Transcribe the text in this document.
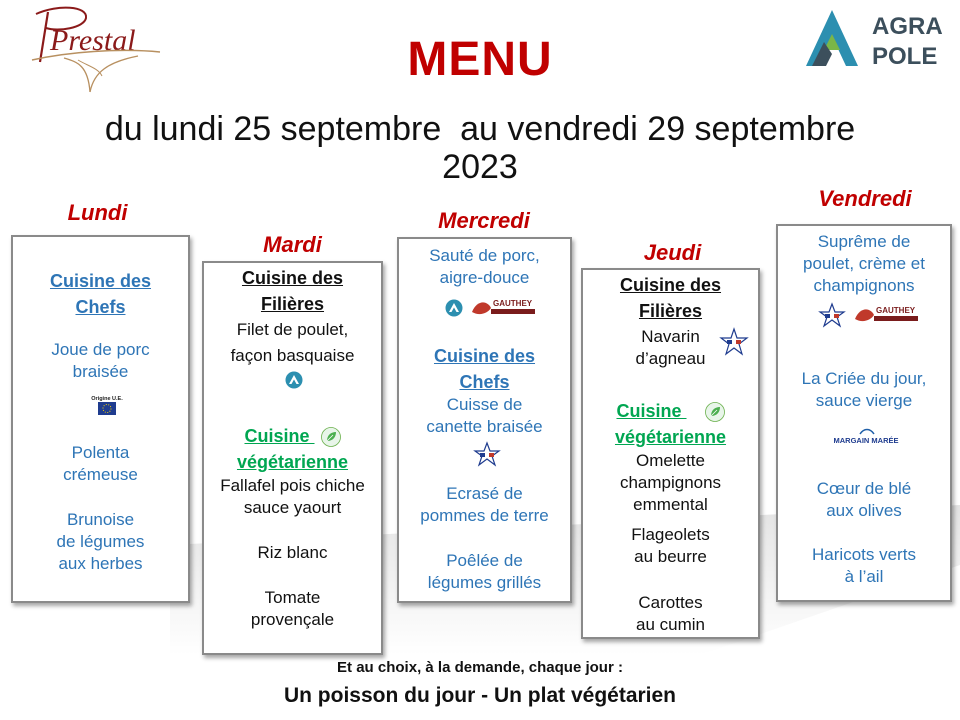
Prestal	AGRA
POLE
MENU
du lundi 25 septembre  au vendredi 29 septembre
2023
Lundi
Cuisine des
Chefs
Joue de porc
braisée
Origine U.E.
Polenta
crémeuse
Brunoise
de légumes
aux herbes
Mardi
Cuisine des
Filières
Filet de poulet,
façon basquaise
Cuisine
végétarienne
Fallafel pois chiche
sauce yaourt
Riz blanc
Tomate
provençale
Mercredi
Sauté de porc,
aigre-douce
GAUTHEY
Cuisine des
Chefs
Cuisse de
canette braisée
Ecrasé de
pommes de terre
Poêlée de
légumes grillés
Jeudi
Cuisine des
Filières
Navarin
d’agneau
Cuisine
végétarienne
Omelette
champignons
emmental
Flageolets
au beurre
Carottes
au cumin
Vendredi
Suprême de
poulet, crème et
champignons
GAUTHEY
La Criée du jour,
sauce vierge
MARGAIN MARÉE
Cœur de blé
aux olives
Haricots verts
à l’ail
Et au choix, à la demande, chaque jour :
Un poisson du jour - Un plat végétarien
